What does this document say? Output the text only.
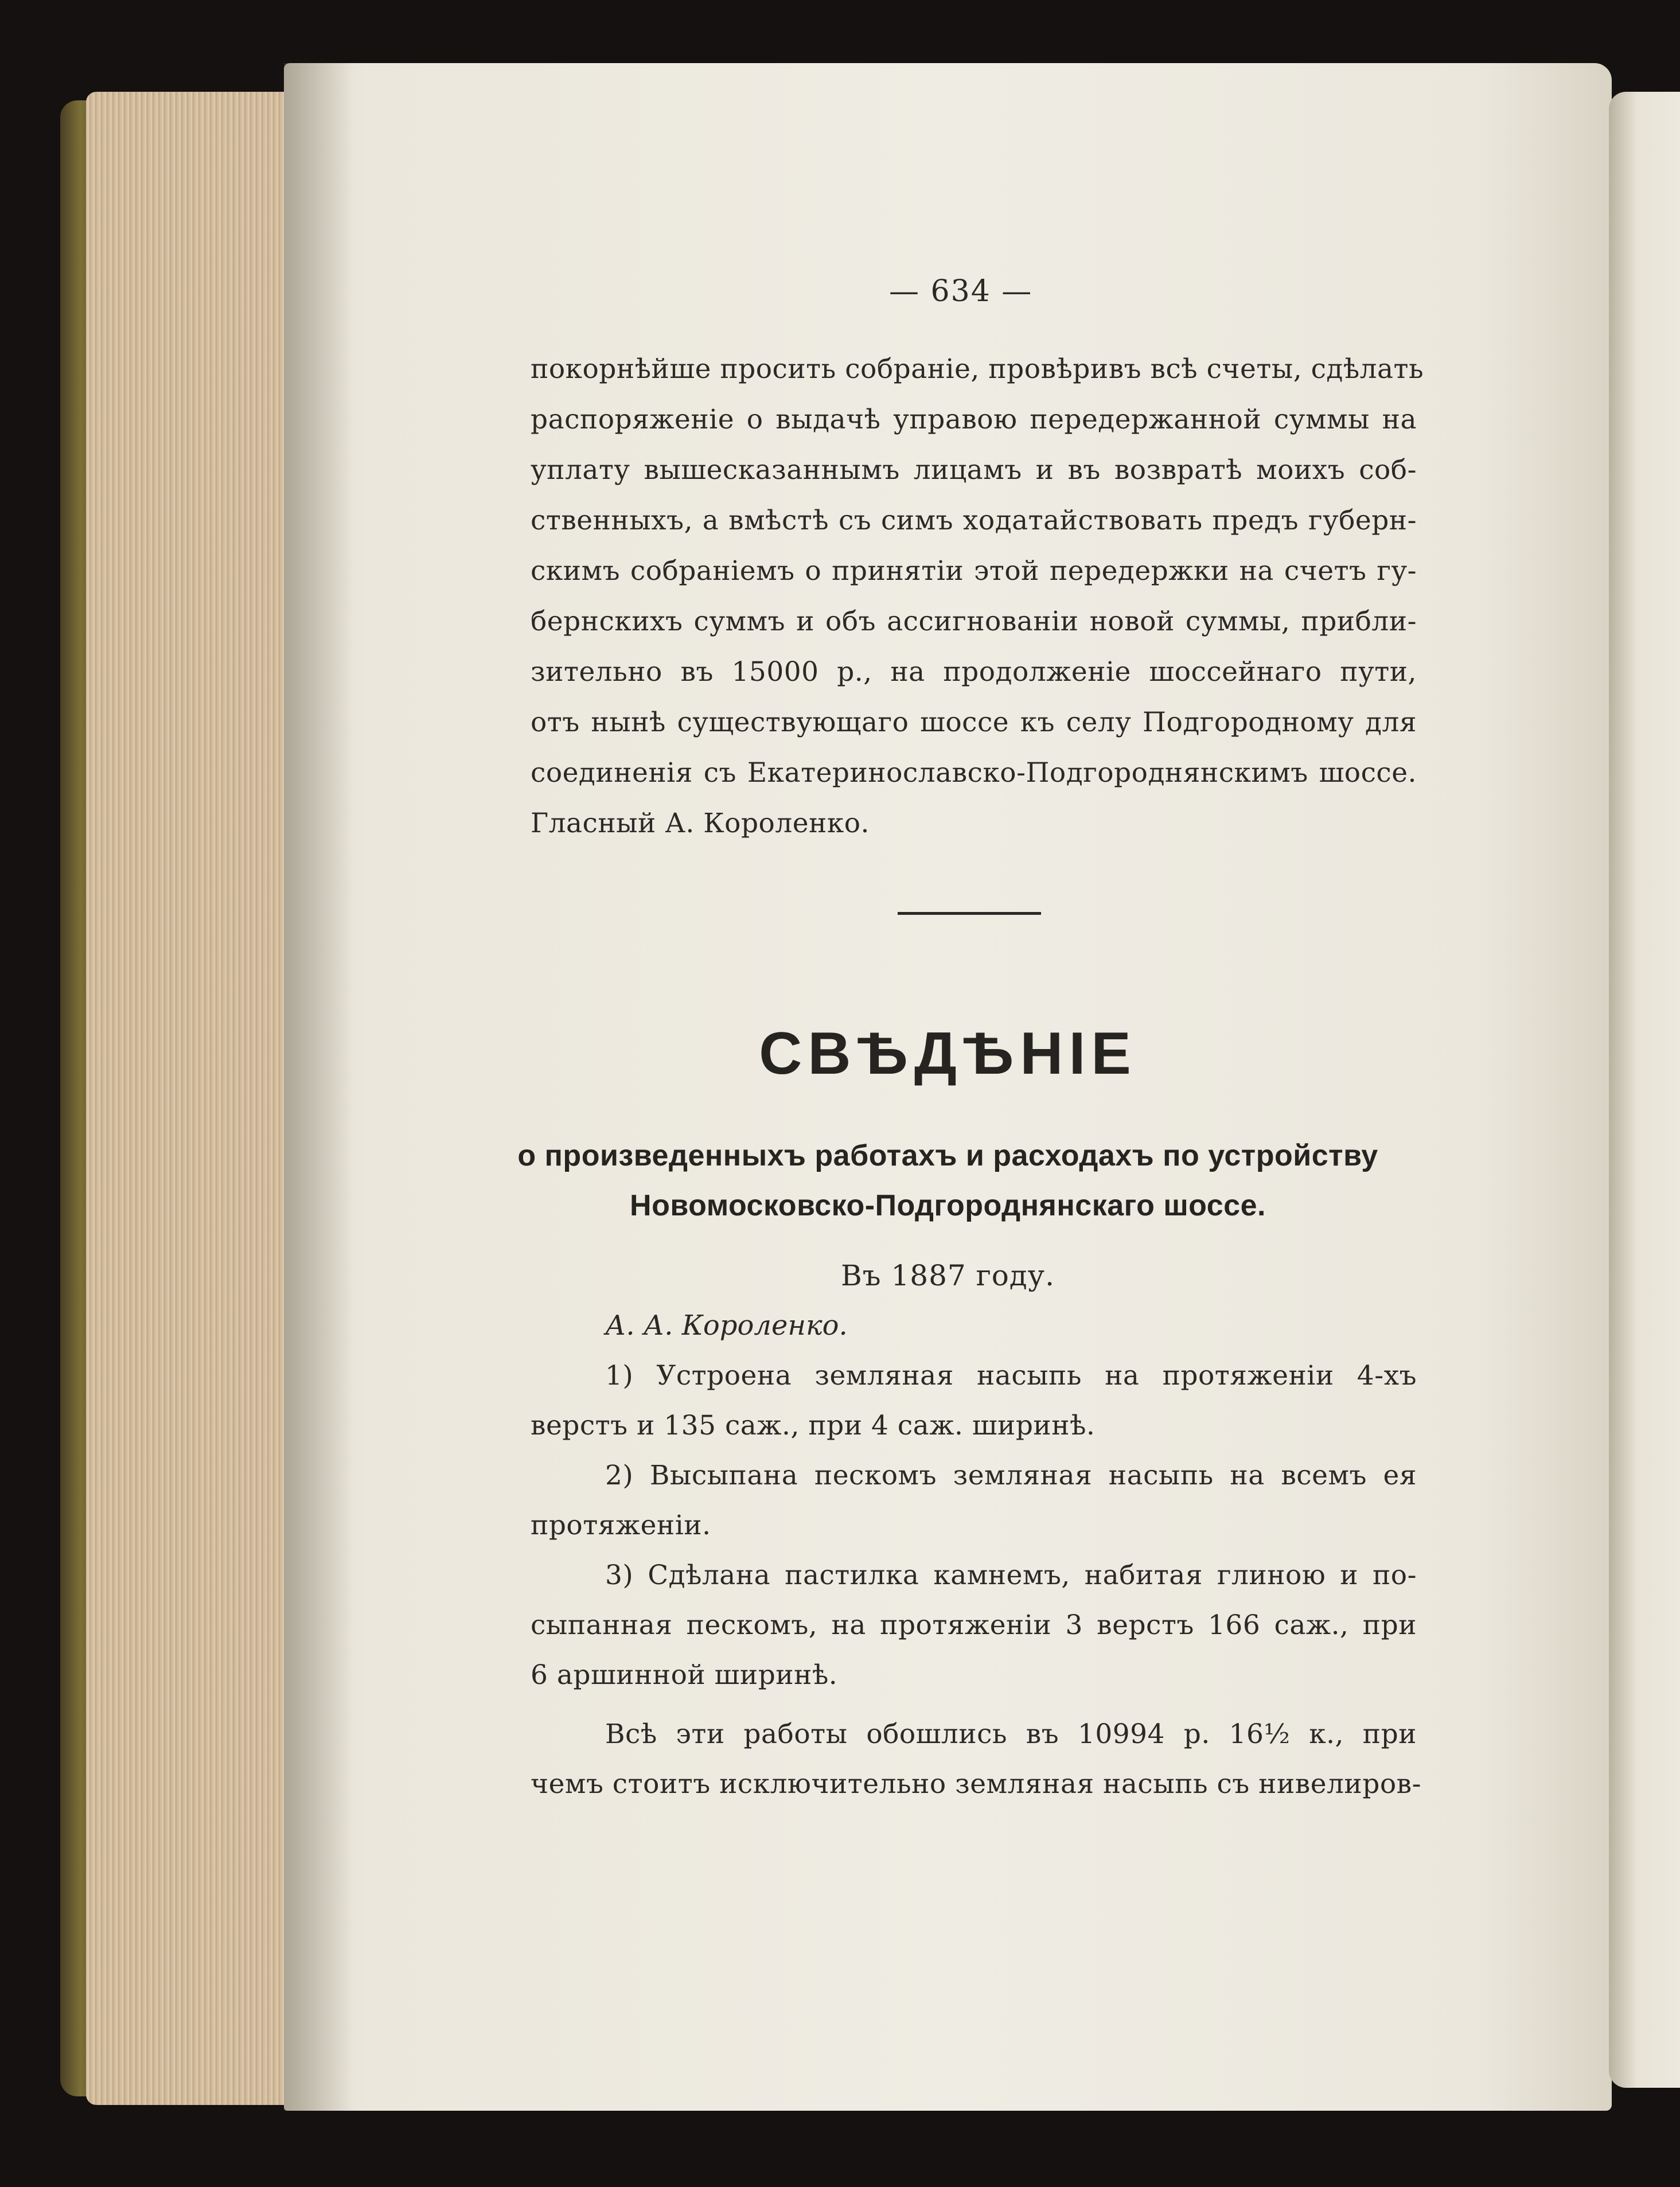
— 634 —
покорнѣйше просить собраніе, провѣривъ всѣ счеты, сдѣлать
распоряженіе о выдачѣ управою передержанной суммы на
уплату вышесказаннымъ лицамъ и въ возвратѣ моихъ соб-
ственныхъ, а вмѣстѣ съ симъ ходатайствовать предъ губерн-
скимъ собраніемъ о принятіи этой передержки на счетъ гу-
бернскихъ суммъ и объ ассигнованіи новой суммы, прибли-
зительно въ 15000 р., на продолженіе шоссейнаго пути,
отъ нынѣ существующаго шоссе къ селу Подгородному для
соединенія съ Екатеринославско-Подгороднянскимъ шоссе.
Гласный А. Короленко.
СВѢДѢНІЕ
о произведенныхъ работахъ и расходахъ по устройству
Новомосковско-Подгороднянскаго шоссе.
Въ 1887 году.
А. А. Короленко.
1) Устроена земляная насыпь на протяженіи 4-хъ
верстъ и 135 саж., при 4 саж. ширинѣ.
2) Высыпана пескомъ земляная насыпь на всемъ ея
протяженіи.
3) Сдѣлана пастилка камнемъ, набитая глиною и по-
сыпанная пескомъ, на протяженіи 3 верстъ 166 саж., при
6 аршинной ширинѣ.
Всѣ эти работы обошлись въ 10994 р. 16½ к., при
чемъ стоитъ исключительно земляная насыпь съ нивелиров-
